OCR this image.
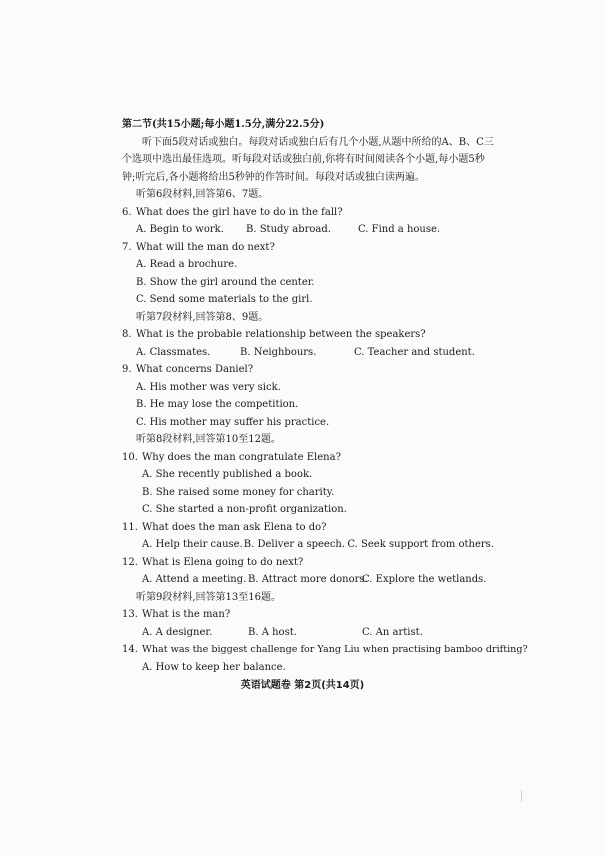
第二节(共15小题;每小题1.5分,满分22.5分)
听下面5段对话或独白。每段对话或独白后有几个小题,从题中所给的A、B、C三个选项中选出最佳选项。听每段对话或独白前,你将有时间阅读各个小题,每小题5秒钟;听完后,各小题将给出5秒钟的作答时间。每段对话或独白读两遍。
听第6段材料,回答第6、7题。
6. What does the girl have to do in the fall?
A. Begin to work.	B. Study abroad.	C. Find a house.
7. What will the man do next?
A. Read a brochure.
B. Show the girl around the center.
C. Send some materials to the girl.
听第7段材料,回答第8、9题。
8. What is the probable relationship between the speakers?
A. Classmates.	B. Neighbours.	C. Teacher and student.
9. What concerns Daniel?
A. His mother was very sick.
B. He may lose the competition.
C. His mother may suffer his practice.
听第8段材料,回答第10至12题。
10. Why does the man congratulate Elena?
A. She recently published a book.
B. She raised some money for charity.
C. She started a non-profit organization.
11. What does the man ask Elena to do?
A. Help their cause. B. Deliver a speech. C. Seek support from others.
12. What is Elena going to do next?
A. Attend a meeting. B. Attract more donors.
C. Explore the wetlands.
听第9段材料,回答第13至16题。
13. What is the man?
A. A designer.	B. A host.	C. An artist.
14. What was the biggest challenge for Yang Liu when practising bamboo drifting?
A. How to keep her balance.
英语试题卷 第2页(共14页)
